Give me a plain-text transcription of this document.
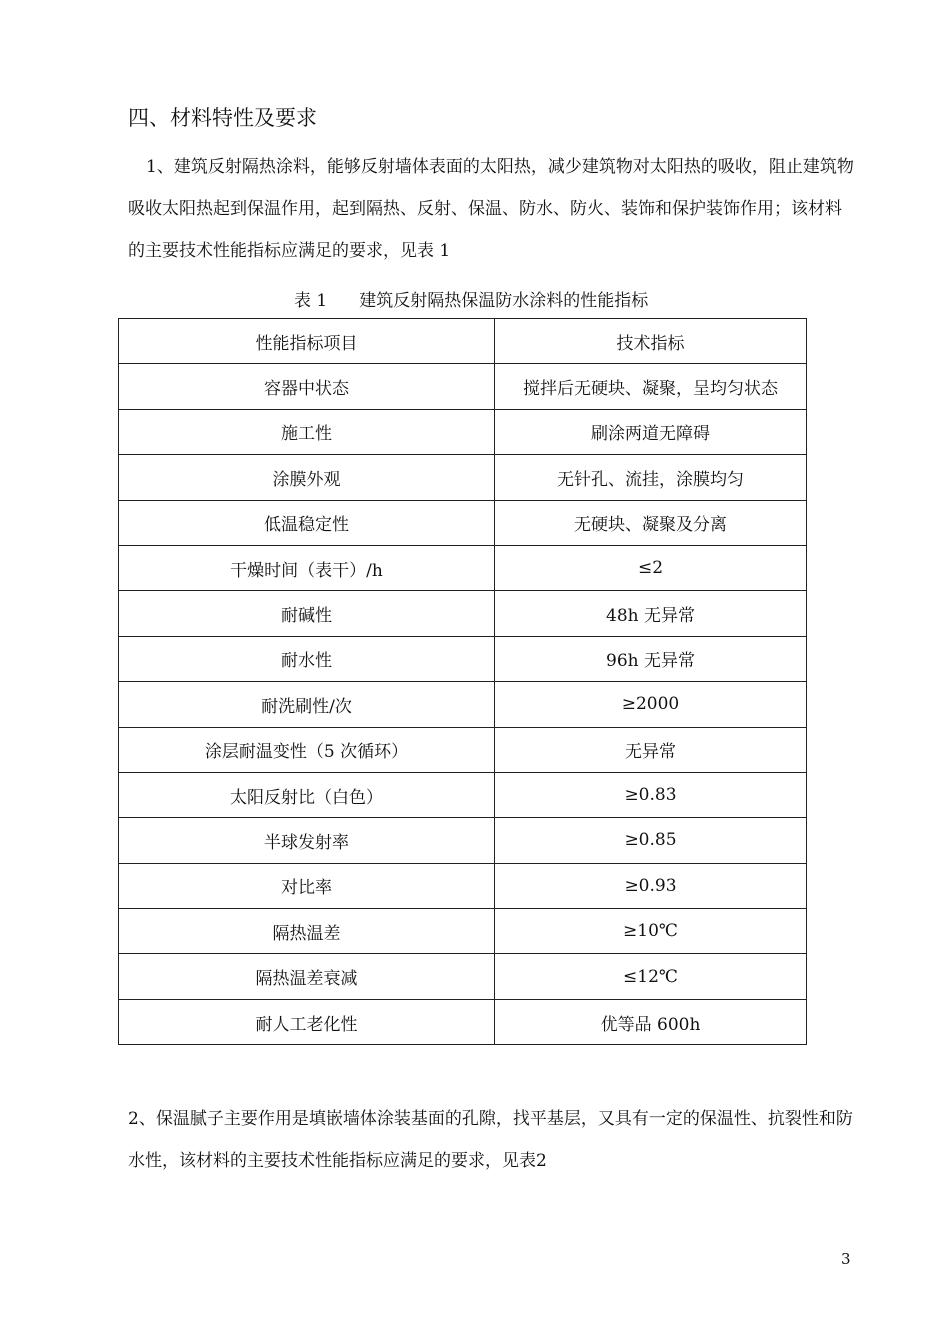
四、材料特性及要求
1、建筑反射隔热涂料，能够反射墙体表面的太阳热，减少建筑物对太阳热的吸收，阻止建筑物吸收太阳热起到保温作用，起到隔热、反射、保温、防水、防火、装饰和保护装饰作用；该材料的主要技术性能指标应满足的要求，见表 1
表 1 建筑反射隔热保温防水涂料的性能指标
性能指标项目	技术指标
容器中状态	搅拌后无硬块、凝聚，呈均匀状态
施工性	刷涂两道无障碍
涂膜外观	无针孔、流挂，涂膜均匀
低温稳定性	无硬块、凝聚及分离
干燥时间（表干）/h	≤2
耐碱性	48h 无异常
耐水性	96h 无异常
耐洗刷性/次	≥2000
涂层耐温变性（5 次循环）	无异常
太阳反射比（白色）	≥0.83
半球发射率	≥0.85
对比率	≥0.93
隔热温差	≥10℃
隔热温差衰减	≤12℃
耐人工老化性	优等品 600h
2、保温腻子主要作用是填嵌墙体涂装基面的孔隙，找平基层，又具有一定的保温性、抗裂性和防水性，该材料的主要技术性能指标应满足的要求，见表2
3
